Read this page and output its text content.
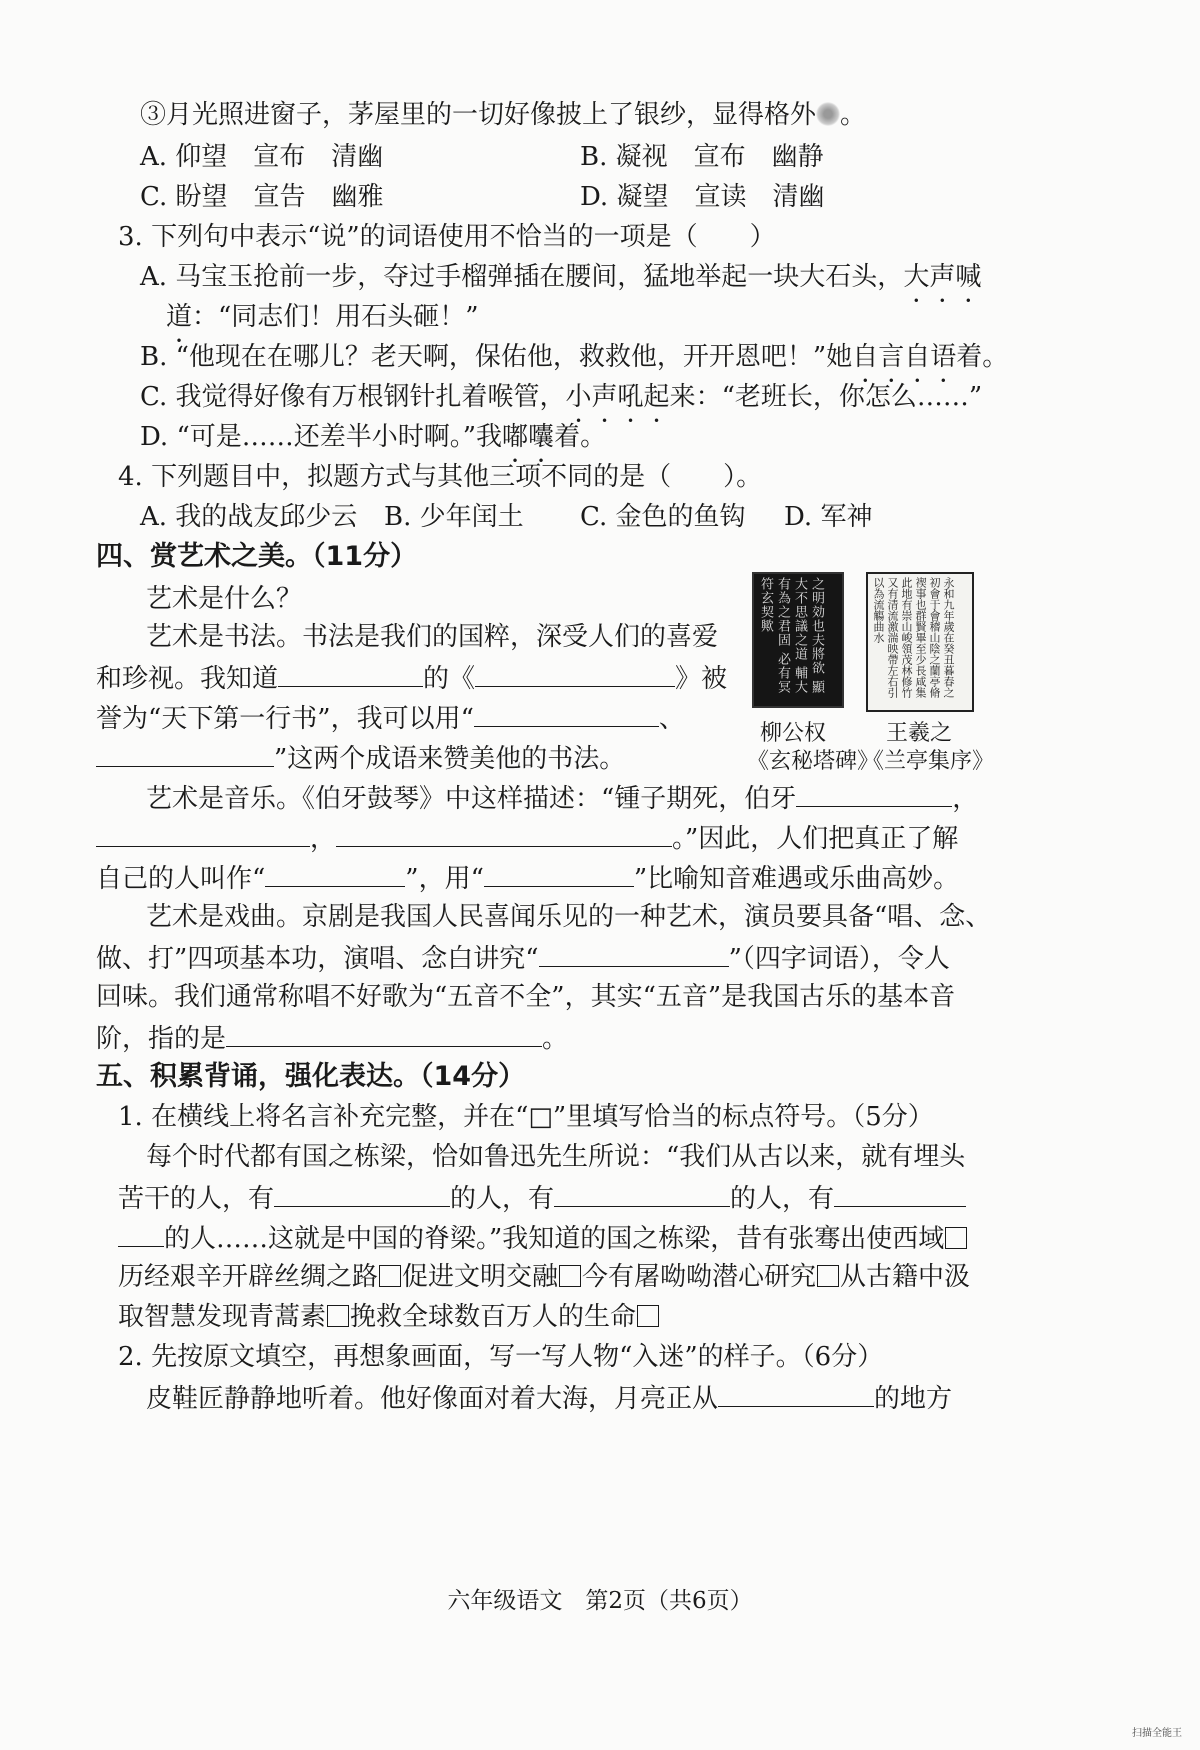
③月光照进窗子，茅屋里的一切好像披上了银纱，显得格外 。
A. 仰望　宣布　清幽	B. 凝视　宣布　幽静
C. 盼望　宣告　幽雅	D. 凝望　宣读　清幽
3. 下列句中表示“说”的词语使用不恰当的一项是（　　）
A. 马宝玉抢前一步，夺过手榴弹插在腰间，猛地举起一块大石头，大声喊
道：“同志们！用石头砸！”
B. “他现在在哪儿？老天啊，保佑他，救救他，开开恩吧！”她自言自语着。
C. 我觉得好像有万根钢针扎着喉管，小声吼起来：“老班长，你怎么……”
D. “可是……还差半小时啊。”我嘟囔着。
4. 下列题目中，拟题方式与其他三项不同的是（　　）。
A. 我的战友邱少云 B. 少年闰土 C. 金色的鱼钩 D. 军神
四、赏艺术之美。（11分）
艺术是什么？
艺术是书法。书法是我们的国粹，深受人们的喜爱
和珍视。我知道	的《	》被
誉为“天下第一行书”，我可以用“	、
”这两个成语来赞美他的书法。
之明効也夫將欲 顯大不思議之道 輔大有為之君固 必有冥符玄契歟	永和九年歲在癸丑暮春之初會于會稽山陰之蘭亭脩禊事也群賢畢至少長咸集此地有崇山峻領茂林修竹又有清流激湍映帶左右引以為流觴曲水
柳公权
《玄秘塔碑》
王羲之
《兰亭集序》
艺术是音乐。《伯牙鼓琴》中这样描述：“锺子期死，伯牙	，
，	。”因此，人们把真正了解
自己的人叫作“	”，用“	”比喻知音难遇或乐曲高妙。
艺术是戏曲。京剧是我国人民喜闻乐见的一种艺术，演员要具备“唱、念、
做、打”四项基本功，演唱、念白讲究“	”（四字词语），令人
回味。我们通常称唱不好歌为“五音不全”，其实“五音”是我国古乐的基本音
阶，指的是	。
五、积累背诵，强化表达。（14分）
1. 在横线上将名言补充完整，并在“□”里填写恰当的标点符号。（5分）
每个时代都有国之栋梁，恰如鲁迅先生所说：“我们从古以来，就有埋头
苦干的人，有	的人，有	的人，有
的人……这就是中国的脊梁。”我知道的国之栋梁，昔有张骞出使西域
历经艰辛开辟丝绸之路 促进文明交融 今有屠呦呦潜心研究 从古籍中汲
取智慧发现青蒿素 挽救全球数百万人的生命
2. 先按原文填空，再想象画面，写一写人物“入迷”的样子。（6分）
皮鞋匠静静地听着。他好像面对着大海，月亮正从	的地方
六年级语文　第2页（共6页）
扫描全能王
